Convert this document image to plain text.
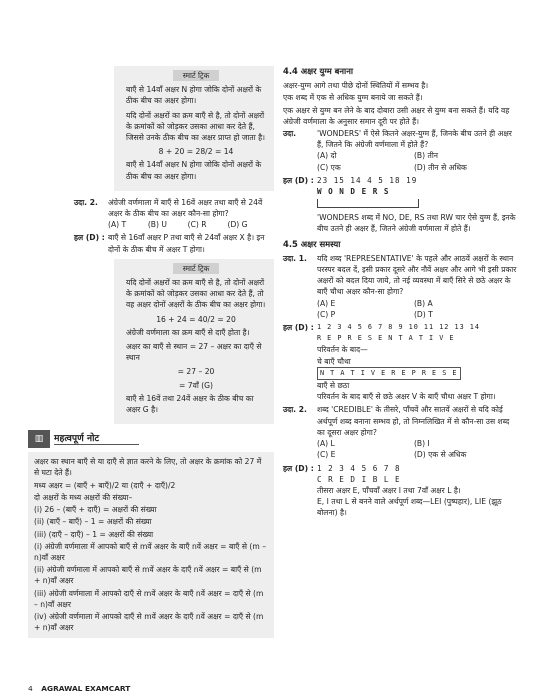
स्मार्ट ट्रिक
बाएँ से 14वाँ अक्षर N होगा जोकि दोनों अक्षरों के ठीक बीच का अक्षर होगा।
यदि दोनों अक्षरों का क्रम बाएँ से है, तो दोनों अक्षरों के क्रमांकों को जोड़कर उसका आधा कर देते हैं, जिससे उनके ठीक बीच का अक्षर प्राप्त हो जाता है।
8 + 20 = 28/2 = 14
बाएँ से 14वाँ अक्षर N होगा जोकि दोनों अक्षरों के ठीक बीच का अक्षर होगा।
उदा. 2.	अंग्रेजी वर्णमाला में बाएँ से 16वें अक्षर तथा बाएँ से 24वें अक्षर के ठीक बीच का अक्षर कौन-सा होगा?
(A) T	(B) U	(C) R	(D) G
हल (D) : बाएँ से 16वाँ अक्षर P तथा बाएँ से 24वाँ अक्षर X है। इन दोनों के ठीक बीच में अक्षर T होगा।
स्मार्ट ट्रिक
यदि दोनों अक्षरों का क्रम बाएँ से है, तो दोनों अक्षरों के क्रमांकों को जोड़कर उसका आधा कर देते हैं, तो वह अक्षर दोनों अक्षरों के ठीक बीच का अक्षर होगा।
16 + 24 = 40/2 = 20
अंग्रेजी वर्णमाला का क्रम बाएँ से दाएँ होता है।
अक्षर का बाएँ से स्थान = 27 – अक्षर का दाएँ से स्थान
= 27 – 20
= 7वाँ (G)
बाएँ से 16वें तथा 24वें अक्षर के ठीक बीच का अक्षर G है।
▥	महत्वपूर्ण नोट
अक्षर का स्थान बाएँ से या दाएँ से ज्ञात करने के लिए, तो अक्षर के क्रमांक को 27 में से घटा देते हैं।
मध्य अक्षर = (बाएँ + बाएँ)/2 या (दाएँ + दाएँ)/2
दो अक्षरों के मध्य अक्षरों की संख्या–
(i) 26 – (बाएँ + दाएँ) = अक्षरों की संख्या
(ii) (बाएँ – बाएँ) – 1 = अक्षरों की संख्या
(iii) (दाएँ – दाएँ) – 1 = अक्षरों की संख्या
(i) अंग्रेजी वर्णमाला में आपको बाएँ से mवें अक्षर के बाएँ nवें अक्षर = बाएँ से (m – n)वाँ अक्षर
(ii) अंग्रेजी वर्णमाला में आपको बाएँ से mवें अक्षर के दाएँ nवें अक्षर = बाएँ से (m + n)वाँ अक्षर
(iii) अंग्रेजी वर्णमाला में आपको दाएँ से mवें अक्षर के बाएँ nवें अक्षर = दाएँ से (m – n)वाँ अक्षर
(iv) अंग्रेजी वर्णमाला में आपको दाएँ से mवें अक्षर के दाएँ nवें अक्षर = दाएँ से (m + n)वाँ अक्षर
4.4 अक्षर युग्म बनाना
अक्षर-युग्म आगे तथा पीछे दोनों स्थितियों में सम्भव है।
एक शब्द में एक से अधिक युग्म बनाये जा सकते हैं।
एक अक्षर से युग्म बन लेने के बाद दोबारा उसी अक्षर से युग्म बना सकते हैं। यदि वह अंग्रेजी वर्णमाला के अनुसार समान दूरी पर होते हैं।
उदा.	'WONDERS' में ऐसे कितने अक्षर-युग्म हैं, जिनके बीच उतने ही अक्षर हैं, जितने कि अंग्रेजी वर्णमाला में होते हैं?
(A) दो	(B) तीन
(C) एक	(D) तीन से अधिक
हल (D) : 23 15 14 4 5 18 19
W O N D E R S
'WONDERS शब्द में NO, DE, RS तथा RW चार ऐसे युग्म हैं, इनके बीच उतने ही अक्षर हैं, जितने अंग्रेजी वर्णमाला में होते हैं।
4.5 अक्षर समस्या
उदा. 1.	यदि शब्द 'REPRESENTATIVE' के पहले और आठवें अक्षरों के स्थान परस्पर बदल दें, इसी प्रकार दूसरे और नौवें अक्षर और आगे भी इसी प्रकार अक्षरों को बदल दिया जाये, तो नई व्यवस्था में बाएँ सिरे से छठे अक्षर के बाएँ चौथा अक्षर कौन-सा होगा?
(A) E	(B) A
(C) P	(D) T
हल (D) : 1 2 3 4 5 6 7 8 9 10 11 12 13 14
R E P R E S E N T A T I V E
परिवर्तन के बाद—
चे बाएँ चौथा
N T A T I V E R E P R E S E
बाएँ से छठा
परिवर्तन के बाद बाएँ से छठे अक्षर V के बाएँ चौथा अक्षर T होगा।
उदा. 2.	शब्द 'CREDIBLE' के तीसरे, पाँचवें और सातवें अक्षरों से यदि कोई अर्थपूर्ण शब्द बनाना सम्भव हो, तो निम्नलिखित में से कौन-सा उस शब्द का दूसरा अक्षर होगा?
(A) L	(B) I
(C) E	(D) एक से अधिक
हल (D) : 1 2 3 4 5 6 7 8
C R E D I B L E
तीसरा अक्षर E, पाँचवाँ अक्षर I तथा 7वाँ अक्षर L है।
E, I तथा L से बनने वाले अर्थपूर्ण शब्द—LEI (पुष्पहार), LIE (झूठ बोलना) है।
4 AGRAWAL EXAMCART
